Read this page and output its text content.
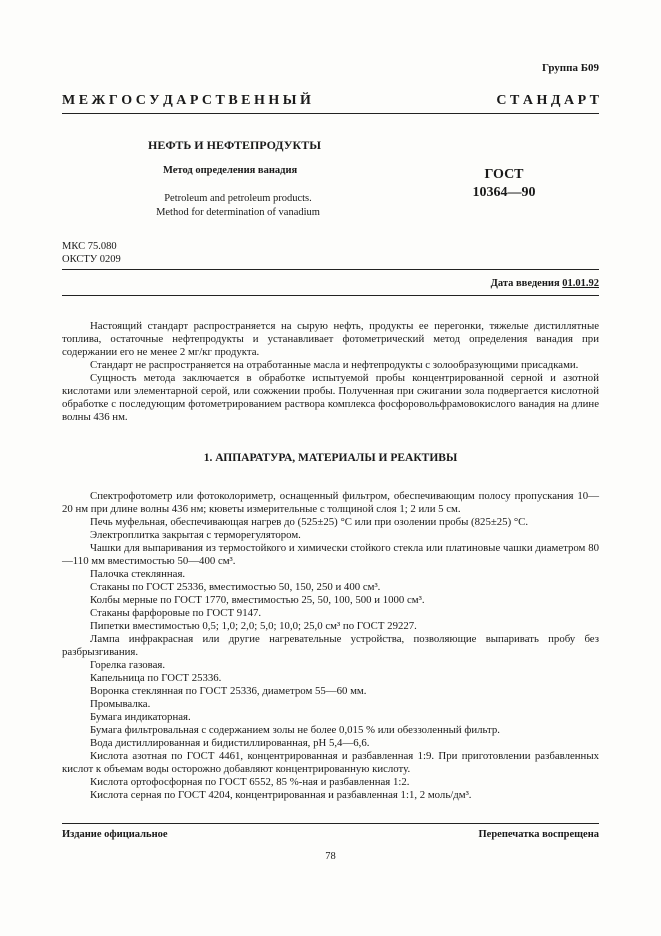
Группа Б09
М Е Ж Г О С У Д А Р С Т В Е Н Н Ы Й	С Т А Н Д А Р Т
НЕФТЬ И НЕФТЕПРОДУКТЫ
Метод определения ванадия
Petroleum and petroleum products.
Method for determination of vanadium
ГОСТ
10364—90
МКС 75.080
ОКСТУ 0209
Дата введения 01.01.92

Настоящий стандарт распространяется на сырую нефть, продукты ее перегонки, тяжелые дистиллятные топлива, остаточные нефтепродукты и устанавливает фотометрический метод определения ванадия при содержании его не менее 2 мг/кг продукта.

Стандарт не распространяется на отработанные масла и нефтепродукты с золообразующими присадками.

Сущность метода заключается в обработке испытуемой пробы концентрированной серной и азотной кислотами или элементарной серой, или сожжении пробы. Полученная при сжигании зола подвергается кислотной обработке с последующим фотометрированием раствора комплекса фосфоровольфрамовокислого ванадия на длине волны 436 нм.

1. АППАРАТУРА, МАТЕРИАЛЫ И РЕАКТИВЫ

Спектрофотометр или фотоколориметр, оснащенный фильтром, обеспечивающим полосу пропускания 10—20 нм при длине волны 436 нм; кюветы измерительные с толщиной слоя 1; 2 или 5 см.

Печь муфельная, обеспечивающая нагрев до (525±25) °С или при озолении пробы (825±25) °С.

Электроплитка закрытая с терморегулятором.

Чашки для выпаривания из термостойкого и химически стойкого стекла или платиновые чашки диаметром 80—110 мм вместимостью 50—400 см³.

Палочка стеклянная.

Стаканы по ГОСТ 25336, вместимостью 50, 150, 250 и 400 см³.

Колбы мерные по ГОСТ 1770, вместимостью 25, 50, 100, 500 и 1000 см³.

Стаканы фарфоровые по ГОСТ 9147.

Пипетки вместимостью 0,5; 1,0; 2,0; 5,0; 10,0; 25,0 см³ по ГОСТ 29227.

Лампа инфракрасная или другие нагревательные устройства, позволяющие выпаривать пробу без разбрызгивания.

Горелка газовая.

Капельница по ГОСТ 25336.

Воронка стеклянная по ГОСТ 25336, диаметром 55—60 мм.

Промывалка.

Бумага индикаторная.

Бумага фильтровальная с содержанием золы не более 0,015 % или обеззоленный фильтр.

Вода дистиллированная и бидистиллированная, рН 5,4—6,6.

Кислота азотная по ГОСТ 4461, концентрированная и разбавленная 1:9. При приготовлении разбавленных кислот к объемам воды осторожно добавляют концентрированную кислоту.

Кислота ортофосфорная по ГОСТ 6552, 85 %-ная и разбавленная 1:2.

Кислота серная по ГОСТ 4204, концентрированная и разбавленная 1:1, 2 моль/дм³.

Издание официальное	Перепечатка воспрещена
78
